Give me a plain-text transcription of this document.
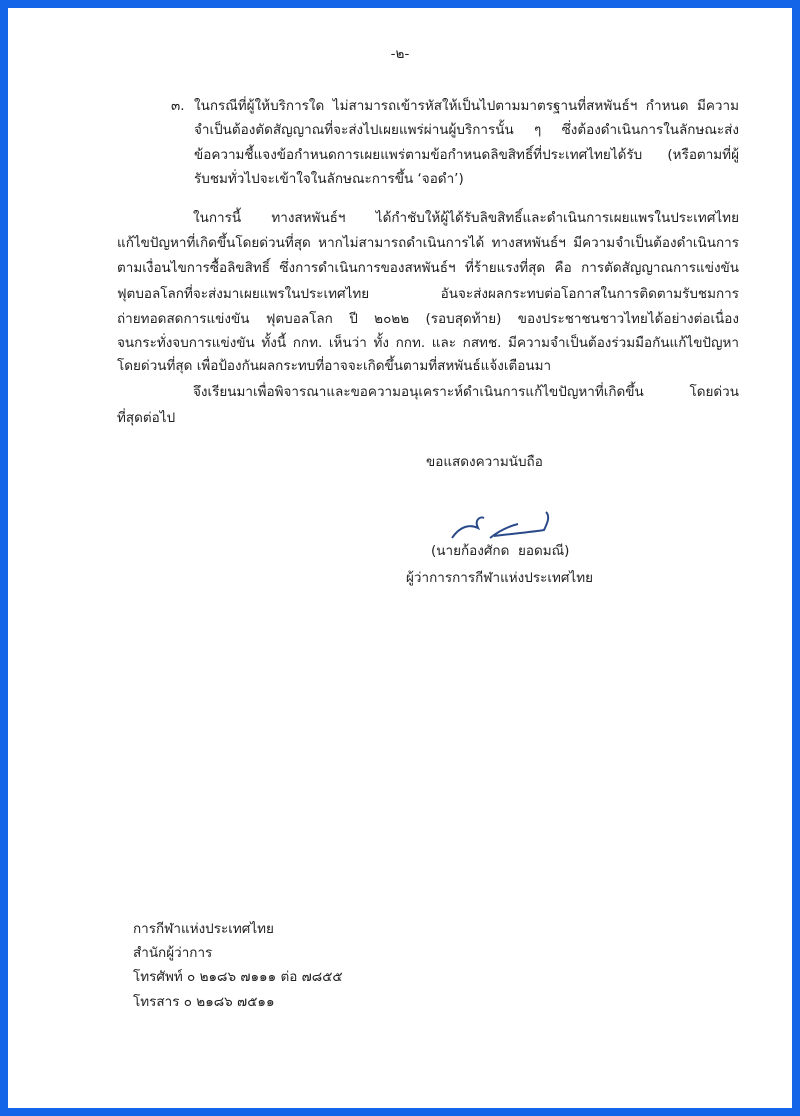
-๒-
๓. ในกรณีที่ผู้ให้บริการใด ไม่สามารถเข้ารหัสให้เป็นไปตามมาตรฐานที่สหพันธ์ฯ กำหนด มีความ
จำเป็นต้องตัดสัญญาณที่จะส่งไปเผยแพร่ผ่านผู้บริการนั้น ๆ ซึ่งต้องดำเนินการในลักษณะส่ง
ข้อความชี้แจงข้อกำหนดการเผยแพร่ตามข้อกำหนดลิขสิทธิ์ที่ประเทศไทยได้รับ (หรือตามที่ผู้
รับชมทั่วไปจะเข้าใจในลักษณะการขึ้น ‘จอดำ’)
ในการนี้ ทางสหพันธ์ฯ ได้กำชับให้ผู้ได้รับลิขสิทธิ์และดำเนินการเผยแพรในประเทศไทย
แก้ไขปัญหาที่เกิดขึ้นโดยด่วนที่สุด หากไม่สามารถดำเนินการได้ ทางสหพันธ์ฯ มีความจำเป็นต้องดำเนินการ
ตามเงื่อนไขการซื้อลิขสิทธิ์ ซึ่งการดำเนินการของสหพันธ์ฯ ที่ร้ายแรงที่สุด คือ การตัดสัญญาณการแข่งขัน
ฟุตบอลโลกที่จะส่งมาเผยแพรในประเทศไทย อันจะส่งผลกระทบต่อโอกาสในการติดตามรับชมการ
ถ่ายทอดสดการแข่งขัน ฟุตบอลโลก ปี ๒๐๒๒ (รอบสุดท้าย) ของประชาชนชาวไทยได้อย่างต่อเนื่อง
จนกระทั่งจบการแข่งขัน ทั้งนี้ กกท. เห็นว่า ทั้ง กกท. และ กสทช. มีความจำเป็นต้องร่วมมือกันแก้ไขปัญหา
โดยด่วนที่สุด เพื่อป้องกันผลกระทบที่อาจจะเกิดขึ้นตามที่สหพันธ์แจ้งเตือนมา
จึงเรียนมาเพื่อพิจารณาและขอความอนุเคราะห์ดำเนินการแก้ไขปัญหาที่เกิดขึ้น โดยด่วน
ที่สุดต่อไป
ขอแสดงความนับถือ
(นายก้องศักด  ยอดมณี)
ผู้ว่าการการกีฬาแห่งประเทศไทย
การกีฬาแห่งประเทศไทย
สำนักผู้ว่าการ
โทรศัพท์ ๐ ๒๑๘๖ ๗๑๑๑ ต่อ ๗๘๕๕
โทรสาร ๐ ๒๑๘๖ ๗๕๑๑
